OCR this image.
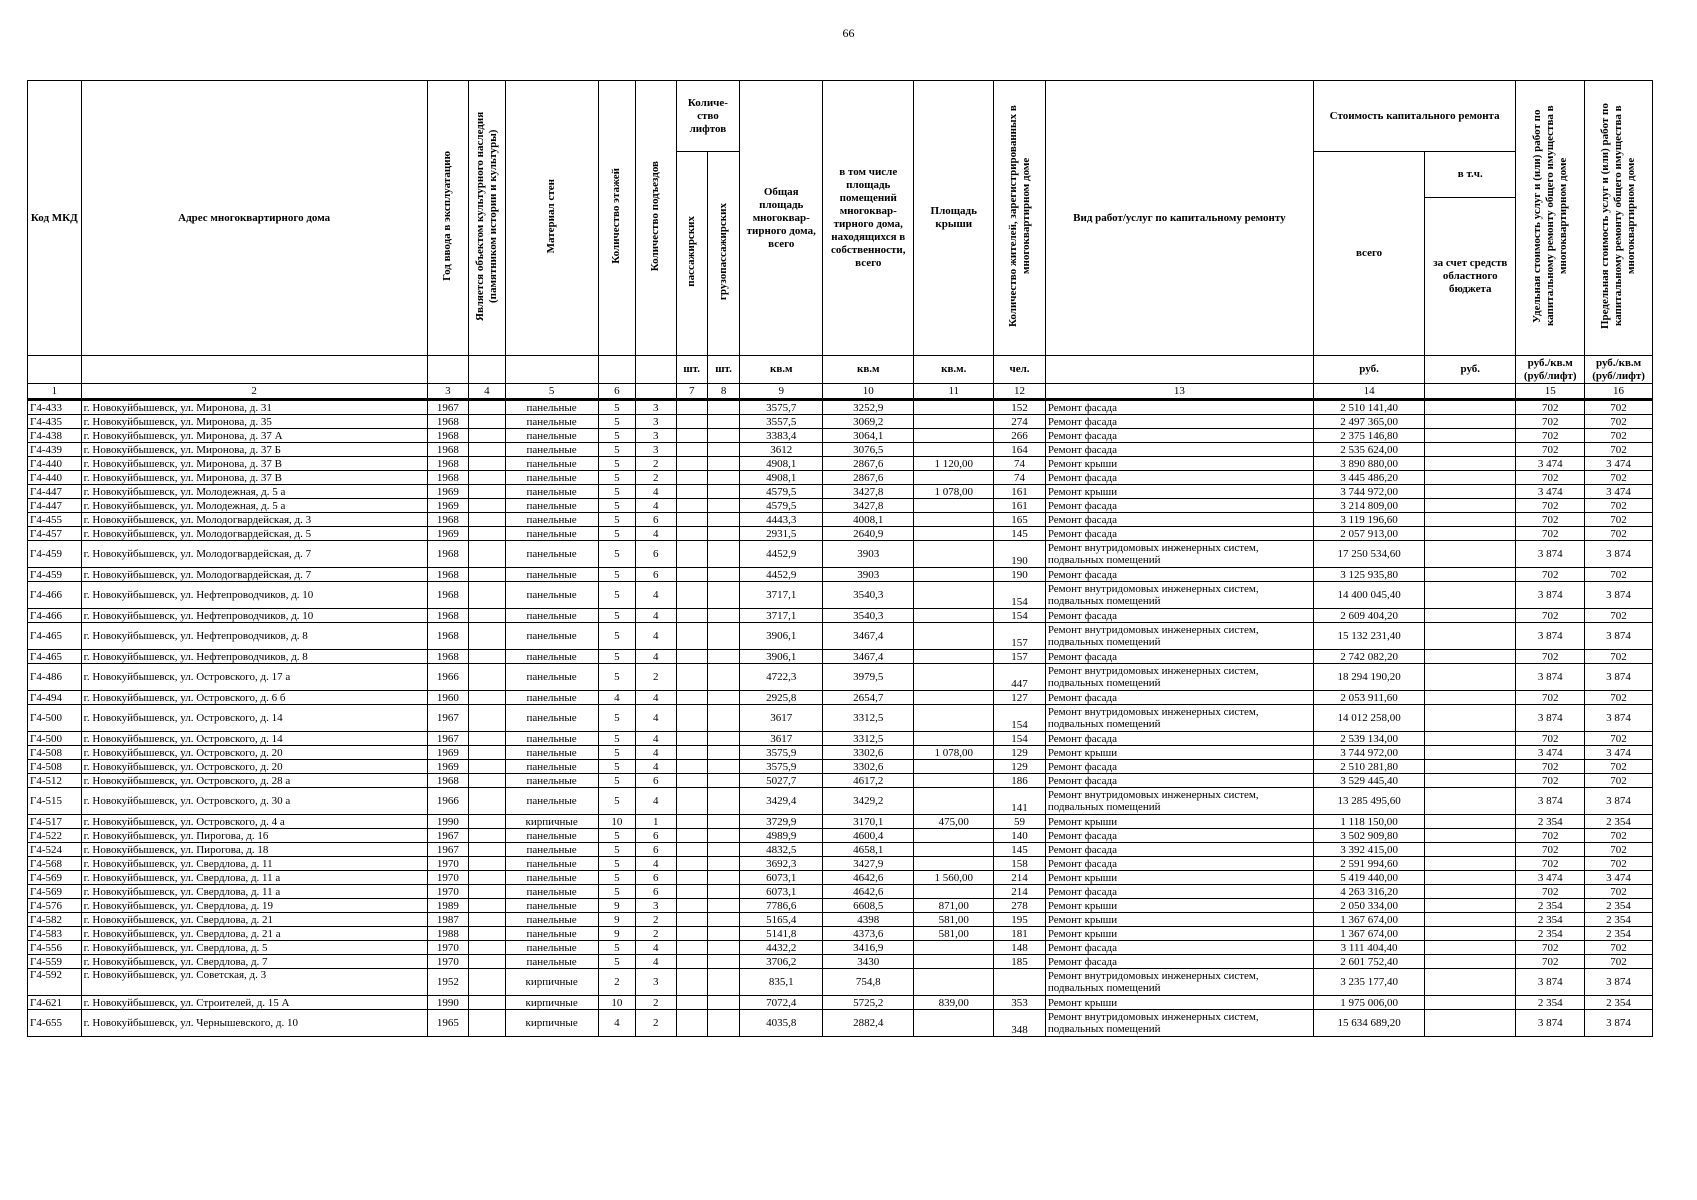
66
Код МКД	Адрес многоквартирного дома	Год ввода в эксплуатацию	Является объектом культурного наследия (памятником истории и культуры)	Материал стен	Количество этажей	Количество подъездов	Количе-ство лифтов		Общая площадь многоквар-тирного дома, всего	в том числе площадь помещений многоквар-тирного дома, находящихся в собственности, всего	Площадь крыши	Количество жителей, зарегистрированных в многоквартирном доме	Вид работ/услуг по капитальному ремонту	Стоимость капитального ремонта		Удельная стоимость услуг и (или) работ по капитальному ремонту общего имущества в многоквартирном доме	Предельная стоимость услуг и (или) работ по капитальному ремонту общего имущества в многоквартирном доме
							пассажирских	грузопассажирских						всего	в т.ч.		
															за счет средств областного бюджета		
							шт.	шт.	кв.м	кв.м	кв.м.	чел.		руб.	руб.	руб./кв.м (руб/лифт)	руб./кв.м (руб/лифт)
1	2	3	4	5	6		7	8	9	10	11	12	13	14		15	16
Г4-433	г. Новокуйбышевск, ул. Миронова, д. 31	1967		панельные	5	3			3575,7	3252,9		152	Ремонт фасада	2 510 141,40		702	702
Г4-435	г. Новокуйбышевск, ул. Миронова, д. 35	1968		панельные	5	3			3557,5	3069,2		274	Ремонт фасада	2 497 365,00		702	702
Г4-438	г. Новокуйбышевск, ул. Миронова, д. 37 А	1968		панельные	5	3			3383,4	3064,1		266	Ремонт фасада	2 375 146,80		702	702
Г4-439	г. Новокуйбышевск, ул. Миронова, д. 37 Б	1968		панельные	5	3			3612	3076,5		164	Ремонт фасада	2 535 624,00		702	702
Г4-440	г. Новокуйбышевск, ул. Миронова, д. 37 В	1968		панельные	5	2			4908,1	2867,6	1 120,00	74	Ремонт крыши	3 890 880,00		3 474	3 474
Г4-440	г. Новокуйбышевск, ул. Миронова, д. 37 В	1968		панельные	5	2			4908,1	2867,6		74	Ремонт фасада	3 445 486,20		702	702
Г4-447	г. Новокуйбышевск, ул. Молодежная, д. 5 а	1969		панельные	5	4			4579,5	3427,8	1 078,00	161	Ремонт крыши	3 744 972,00		3 474	3 474
Г4-447	г. Новокуйбышевск, ул. Молодежная, д. 5 а	1969		панельные	5	4			4579,5	3427,8		161	Ремонт фасада	3 214 809,00		702	702
Г4-455	г. Новокуйбышевск, ул. Молодогвардейская, д. 3	1968		панельные	5	6			4443,3	4008,1		165	Ремонт фасада	3 119 196,60		702	702
Г4-457	г. Новокуйбышевск, ул. Молодогвардейская, д. 5	1969		панельные	5	4			2931,5	2640,9		145	Ремонт фасада	2 057 913,00		702	702
Г4-459	г. Новокуйбышевск, ул. Молодогвардейская, д. 7	1968		панельные	5	6			4452,9	3903		190	Ремонт внутридомовых инженерных систем, подвальных помещений	17 250 534,60		3 874	3 874
Г4-459	г. Новокуйбышевск, ул. Молодогвардейская, д. 7	1968		панельные	5	6			4452,9	3903		190	Ремонт фасада	3 125 935,80		702	702
Г4-466	г. Новокуйбышевск, ул. Нефтепроводчиков, д. 10	1968		панельные	5	4			3717,1	3540,3		154	Ремонт внутридомовых инженерных систем, подвальных помещений	14 400 045,40		3 874	3 874
Г4-466	г. Новокуйбышевск, ул. Нефтепроводчиков, д. 10	1968		панельные	5	4			3717,1	3540,3		154	Ремонт фасада	2 609 404,20		702	702
Г4-465	г. Новокуйбышевск, ул. Нефтепроводчиков, д. 8	1968		панельные	5	4			3906,1	3467,4		157	Ремонт внутридомовых инженерных систем, подвальных помещений	15 132 231,40		3 874	3 874
Г4-465	г. Новокуйбышевск, ул. Нефтепроводчиков, д. 8	1968		панельные	5	4			3906,1	3467,4		157	Ремонт фасада	2 742 082,20		702	702
Г4-486	г. Новокуйбышевск, ул. Островского, д. 17 а	1966		панельные	5	2			4722,3	3979,5		447	Ремонт внутридомовых инженерных систем, подвальных помещений	18 294 190,20		3 874	3 874
Г4-494	г. Новокуйбышевск, ул. Островского, д. 6 б	1960		панельные	4	4			2925,8	2654,7		127	Ремонт фасада	2 053 911,60		702	702
Г4-500	г. Новокуйбышевск, ул. Островского, д. 14	1967		панельные	5	4			3617	3312,5		154	Ремонт внутридомовых инженерных систем, подвальных помещений	14 012 258,00		3 874	3 874
Г4-500	г. Новокуйбышевск, ул. Островского, д. 14	1967		панельные	5	4			3617	3312,5		154	Ремонт фасада	2 539 134,00		702	702
Г4-508	г. Новокуйбышевск, ул. Островского, д. 20	1969		панельные	5	4			3575,9	3302,6	1 078,00	129	Ремонт крыши	3 744 972,00		3 474	3 474
Г4-508	г. Новокуйбышевск, ул. Островского, д. 20	1969		панельные	5	4			3575,9	3302,6		129	Ремонт фасада	2 510 281,80		702	702
Г4-512	г. Новокуйбышевск, ул. Островского, д. 28 а	1968		панельные	5	6			5027,7	4617,2		186	Ремонт фасада	3 529 445,40		702	702
Г4-515	г. Новокуйбышевск, ул. Островского, д. 30 а	1966		панельные	5	4			3429,4	3429,2		141	Ремонт внутридомовых инженерных систем, подвальных помещений	13 285 495,60		3 874	3 874
Г4-517	г. Новокуйбышевск, ул. Островского, д. 4 а	1990		кирпичные	10	1			3729,9	3170,1	475,00	59	Ремонт крыши	1 118 150,00		2 354	2 354
Г4-522	г. Новокуйбышевск, ул. Пирогова, д. 16	1967		панельные	5	6			4989,9	4600,4		140	Ремонт фасада	3 502 909,80		702	702
Г4-524	г. Новокуйбышевск, ул. Пирогова, д. 18	1967		панельные	5	6			4832,5	4658,1		145	Ремонт фасада	3 392 415,00		702	702
Г4-568	г. Новокуйбышевск, ул. Свердлова, д. 11	1970		панельные	5	4			3692,3	3427,9		158	Ремонт фасада	2 591 994,60		702	702
Г4-569	г. Новокуйбышевск, ул. Свердлова, д. 11 а	1970		панельные	5	6			6073,1	4642,6	1 560,00	214	Ремонт крыши	5 419 440,00		3 474	3 474
Г4-569	г. Новокуйбышевск, ул. Свердлова, д. 11 а	1970		панельные	5	6			6073,1	4642,6		214	Ремонт фасада	4 263 316,20		702	702
Г4-576	г. Новокуйбышевск, ул. Свердлова, д. 19	1989		панельные	9	3			7786,6	6608,5	871,00	278	Ремонт крыши	2 050 334,00		2 354	2 354
Г4-582	г. Новокуйбышевск, ул. Свердлова, д. 21	1987		панельные	9	2			5165,4	4398	581,00	195	Ремонт крыши	1 367 674,00		2 354	2 354
Г4-583	г. Новокуйбышевск, ул. Свердлова, д. 21 а	1988		панельные	9	2			5141,8	4373,6	581,00	181	Ремонт крыши	1 367 674,00		2 354	2 354
Г4-556	г. Новокуйбышевск, ул. Свердлова, д. 5	1970		панельные	5	4			4432,2	3416,9		148	Ремонт фасада	3 111 404,40		702	702
Г4-559	г. Новокуйбышевск, ул. Свердлова, д. 7	1970		панельные	5	4			3706,2	3430		185	Ремонт фасада	2 601 752,40		702	702
Г4-592	г. Новокуйбышевск, ул. Советская, д. 3	1952		кирпичные	2	3			835,1	754,8			Ремонт внутридомовых инженерных систем, подвальных помещений	3 235 177,40		3 874	3 874
Г4-621	г. Новокуйбышевск, ул. Строителей, д. 15 А	1990		кирпичные	10	2			7072,4	5725,2	839,00	353	Ремонт крыши	1 975 006,00		2 354	2 354
Г4-655	г. Новокуйбышевск, ул. Чернышевского, д. 10	1965		кирпичные	4	2			4035,8	2882,4		348	Ремонт внутридомовых инженерных систем, подвальных помещений	15 634 689,20		3 874	3 874
